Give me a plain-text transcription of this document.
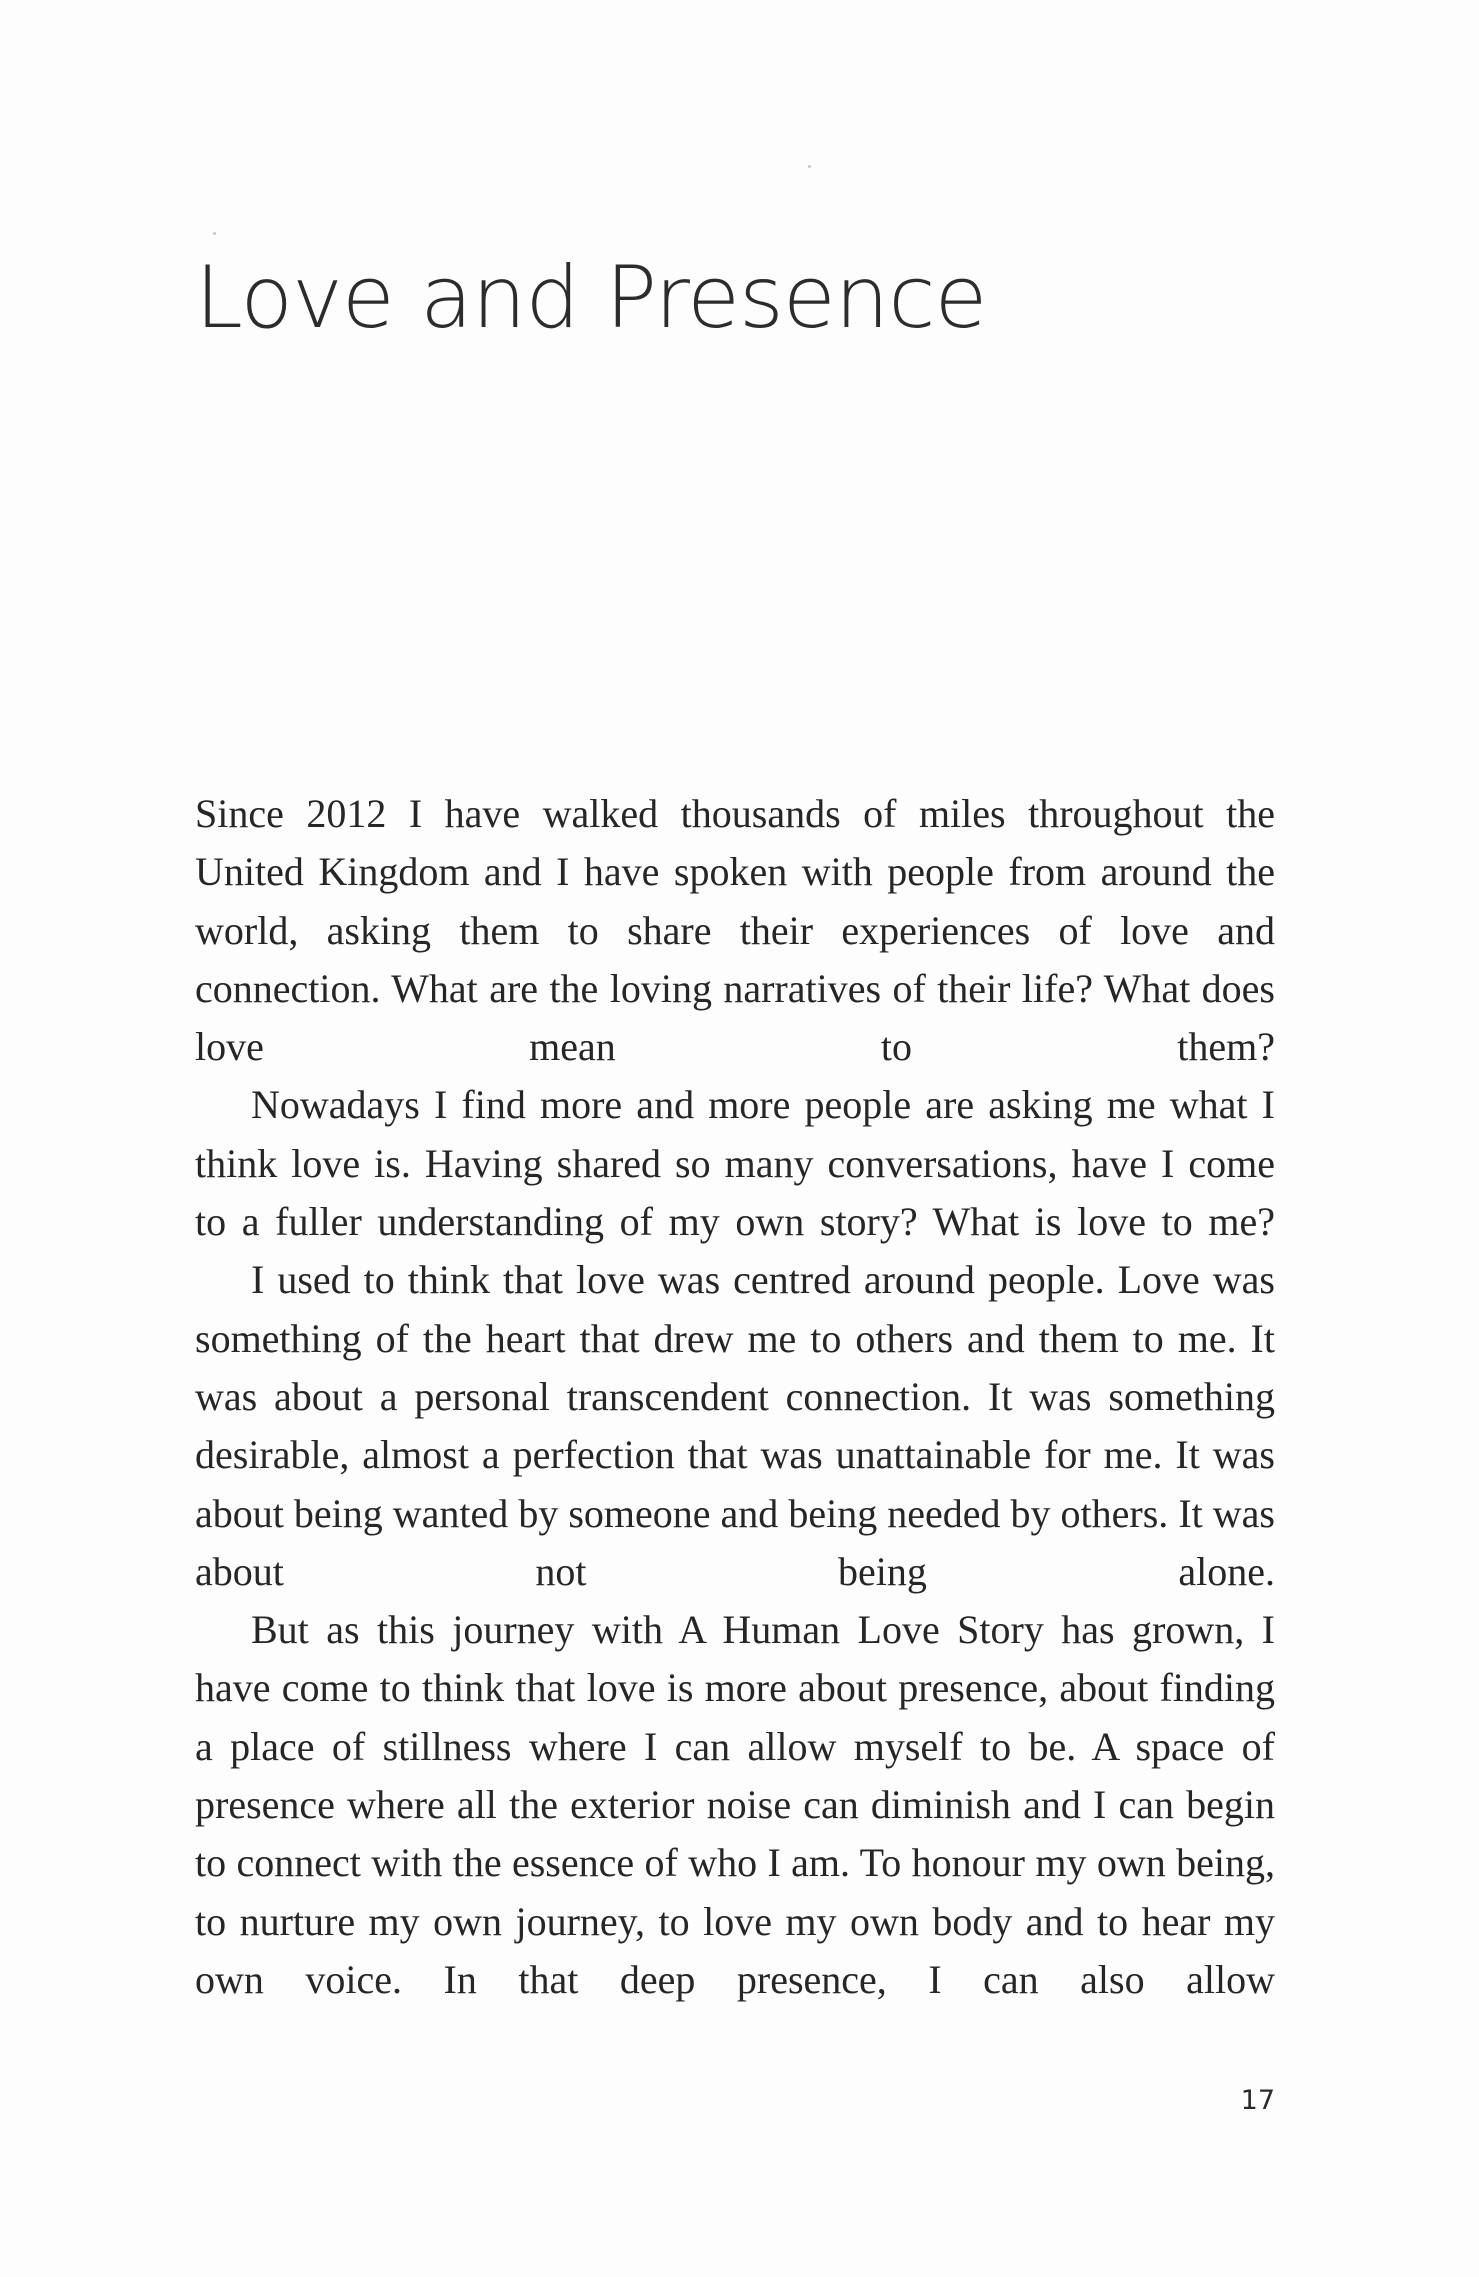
Love and Presence

Since 2012 I have walked thousands of miles throughout the United Kingdom and I have spoken with people from around the world, asking them to share their experiences of love and connection. What are the loving narratives of their life? What does love mean to them?

Nowadays I find more and more people are asking me what I think love is. Having shared so many conversations, have I come to a fuller understanding of my own story? What is love to me?

I used to think that love was centred around people. Love was something of the heart that drew me to others and them to me. It was about a personal transcendent connection. It was something desirable, almost a perfection that was unattainable for me. It was about being wanted by someone and being needed by others. It was about not being alone.

But as this journey with A Human Love Story has grown, I have come to think that love is more about presence, about finding a place of stillness where I can allow myself to be. A space of presence where all the exterior noise can diminish and I can begin to connect with the essence of who I am. To honour my own being, to nurture my own journey, to love my own body and to hear my own voice. In that deep presence, I can also allow

17
